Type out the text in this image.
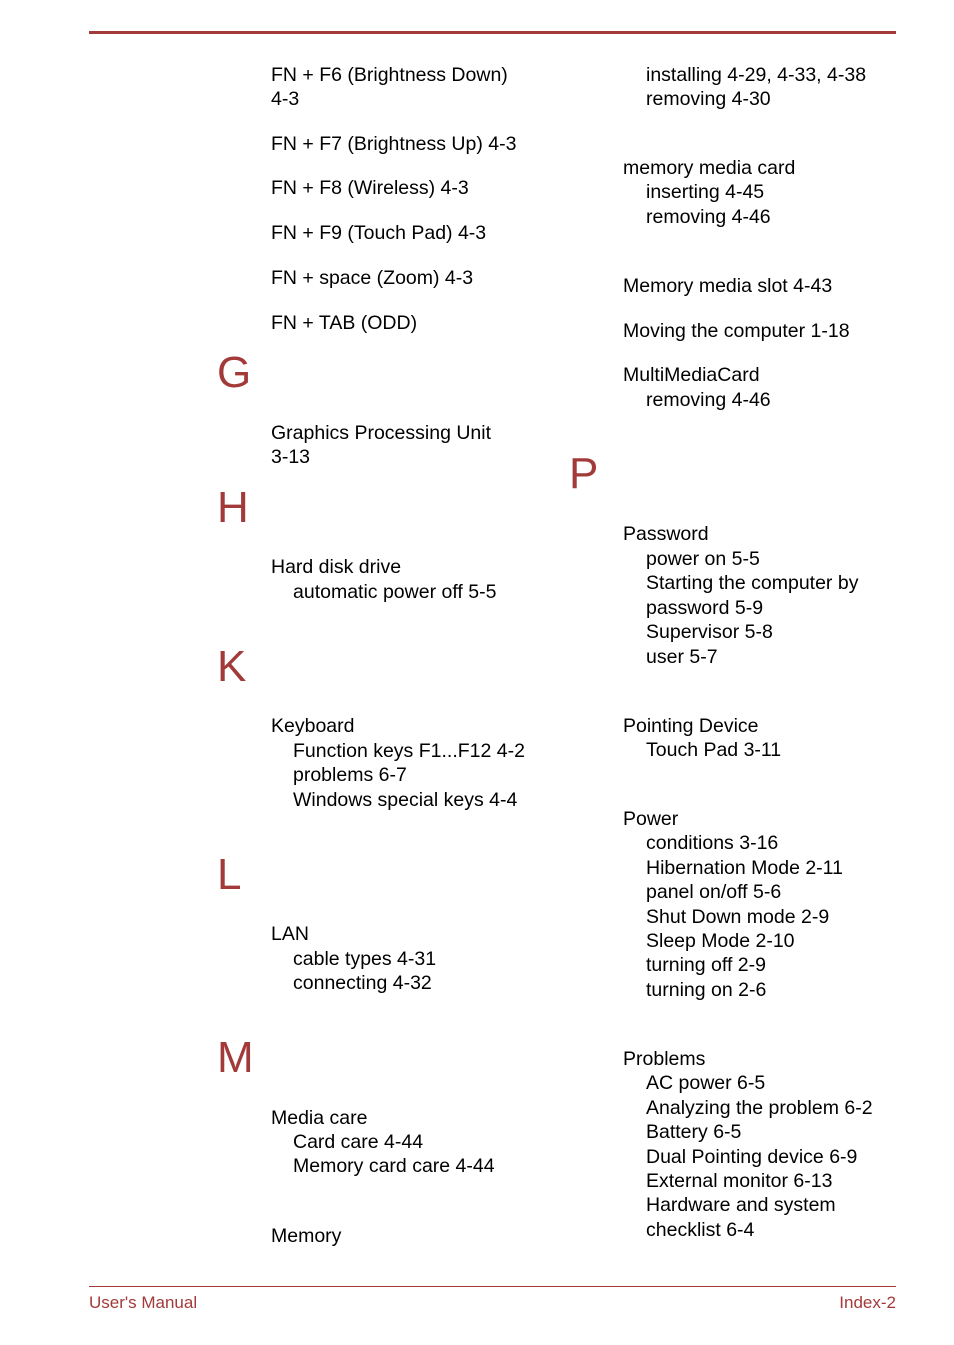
FN + F6 (Brightness Down)
4-3
FN + F7 (Brightness Up) 4-3
FN + F8 (Wireless) 4-3
FN + F9 (Touch Pad) 4-3
FN + space (Zoom) 4-3
FN + TAB (ODD)
G
Graphics Processing Unit
3-13
H
Hard disk drive
automatic power off 5-5
K
Keyboard
Function keys F1...F12 4-2
problems 6-7
Windows special keys 4-4
L
LAN
cable types 4-31
connecting 4-32
M
Media care
Card care 4-44
Memory card care 4-44
Memory
installing 4-29, 4-33, 4-38
removing 4-30
memory media card
inserting 4-45
removing 4-46
Memory media slot 4-43
Moving the computer 1-18
MultiMediaCard
removing 4-46
P
Password
power on 5-5
Starting the computer by
password 5-9
Supervisor 5-8
user 5-7
Pointing Device
Touch Pad 3-11
Power
conditions 3-16
Hibernation Mode 2-11
panel on/off 5-6
Shut Down mode 2-9
Sleep Mode 2-10
turning off 2-9
turning on 2-6
Problems
AC power 6-5
Analyzing the problem 6-2
Battery 6-5
Dual Pointing device 6-9
External monitor 6-13
Hardware and system
checklist 6-4
User's Manual	Index-2
